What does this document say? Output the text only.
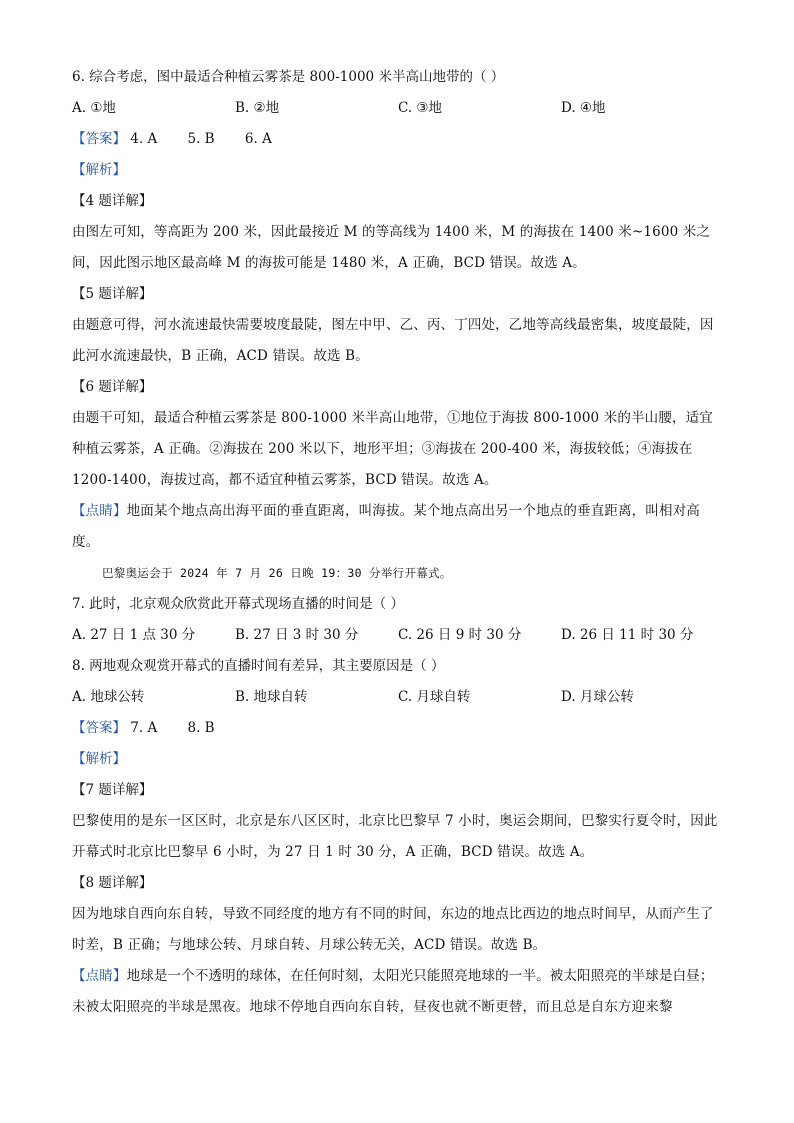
6. 综合考虑，图中最适合种植云雾茶是 800-1000 米半高山地带的（ ）
A. ①地	B. ②地	C. ③地	D. ④地
【答案】 4. A 5. B 6. A
【解析】
【4 题详解】
由图左可知，等高距为 200 米，因此最接近 M 的等高线为 1400 米，M 的海拔在 1400 米~1600 米之间，因此图示地区最高峰 M 的海拔可能是 1480 米，A 正确，BCD 错误。故选 A。
【5 题详解】
由题意可得，河水流速最快需要坡度最陡，图左中甲、乙、丙、丁四处，乙地等高线最密集，坡度最陡，因此河水流速最快，B 正确，ACD 错误。故选 B。
【6 题详解】
由题干可知，最适合种植云雾茶是 800-1000 米半高山地带，①地位于海拔 800-1000 米的半山腰，适宜种植云雾茶，A 正确。②海拔在 200 米以下，地形平坦；③海拔在 200-400 米，海拔较低；④海拔在 1200-1400，海拔过高，都不适宜种植云雾茶，BCD 错误。故选 A。
【点睛】地面某个地点高出海平面的垂直距离，叫海拔。某个地点高出另一个地点的垂直距离，叫相对高度。
巴黎奥运会于 2024 年 7 月 26 日晚 19：30 分举行开幕式。
7. 此时，北京观众欣赏此开幕式现场直播的时间是（ ）
A. 27 日 1 点 30 分	B. 27 日 3 时 30 分	C. 26 日 9 时 30 分	D. 26 日 11 时 30 分
8. 两地观众观赏开幕式的直播时间有差异，其主要原因是（ ）
A. 地球公转	B. 地球自转	C. 月球自转	D. 月球公转
【答案】 7. A 8. B
【解析】
【7 题详解】
巴黎使用的是东一区区时，北京是东八区区时，北京比巴黎早 7 小时，奥运会期间，巴黎实行夏令时，因此开幕式时北京比巴黎早 6 小时，为 27 日 1 时 30 分，A 正确，BCD 错误。故选 A。
【8 题详解】
因为地球自西向东自转，导致不同经度的地方有不同的时间，东边的地点比西边的地点时间早，从而产生了时差，B 正确；与地球公转、月球自转、月球公转无关，ACD 错误。故选 B。
【点睛】地球是一个不透明的球体，在任何时刻，太阳光只能照亮地球的一半。被太阳照亮的半球是白昼；未被太阳照亮的半球是黑夜。地球不停地自西向东自转，昼夜也就不断更替，而且总是自东方迎来黎
